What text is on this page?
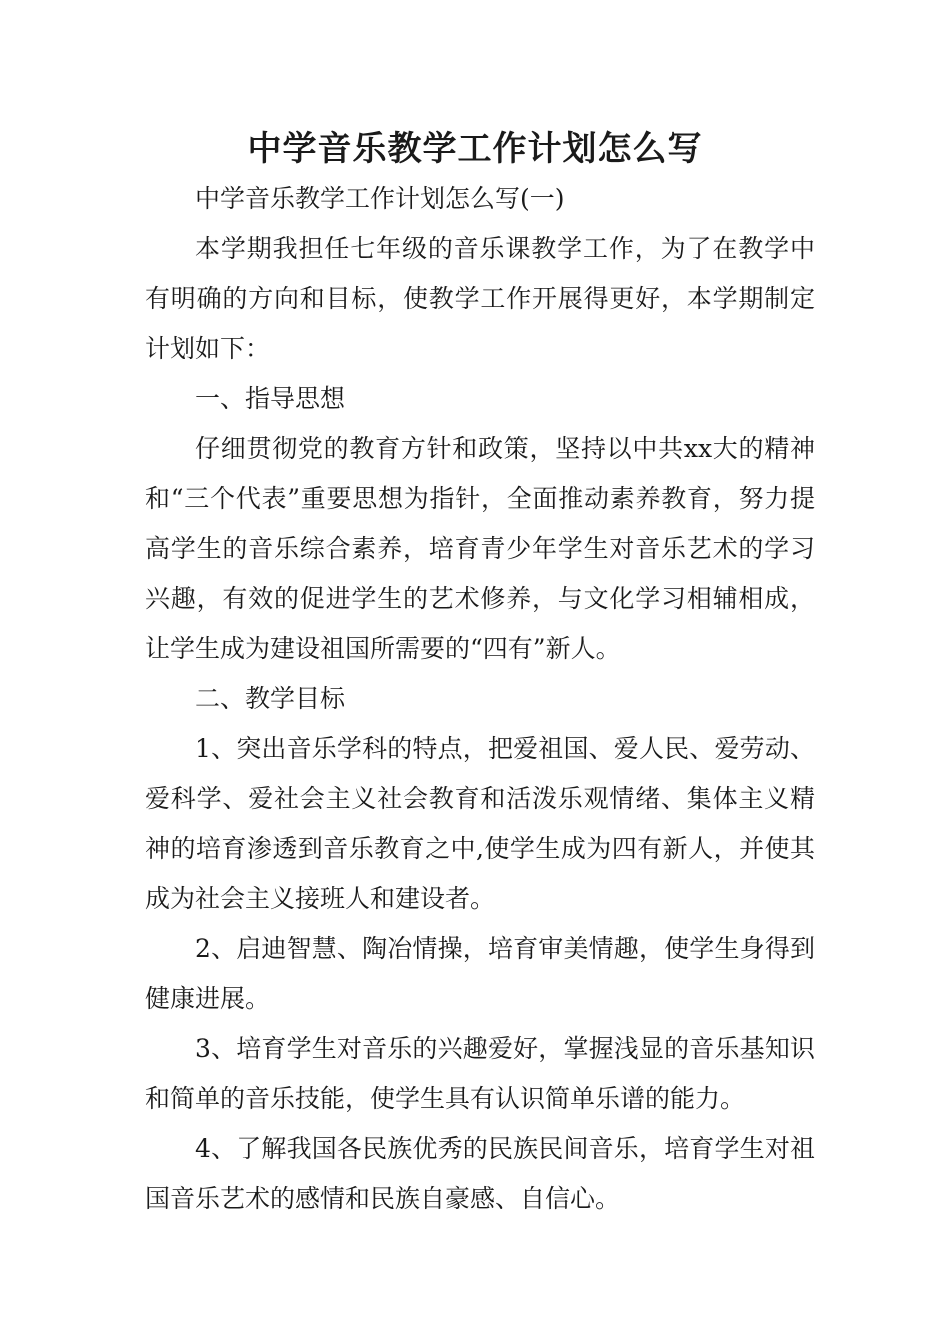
中学音乐教学工作计划怎么写

中学音乐教学工作计划怎么写(一)

本学期我担任七年级的音乐课教学工作，为了在教学中有明确的方向和目标，使教学工作开展得更好，本学期制定计划如下：

一、指导思想

仔细贯彻党的教育方针和政策，坚持以中共xx大的精神和“三个代表”重要思想为指针，全面推动素养教育，努力提高学生的音乐综合素养，培育青少年学生对音乐艺术的学习兴趣，有效的促进学生的艺术修养，与文化学习相辅相成，让学生成为建设祖国所需要的“四有”新人。

二、教学目标

1、突出音乐学科的特点，把爱祖国、爱人民、爱劳动、爱科学、爱社会主义社会教育和活泼乐观情绪、集体主义精神的培育渗透到音乐教育之中,使学生成为四有新人，并使其成为社会主义接班人和建设者。

2、启迪智慧、陶冶情操，培育审美情趣，使学生身得到健康进展。

3、培育学生对音乐的兴趣爱好，掌握浅显的音乐基知识和简单的音乐技能，使学生具有认识简单乐谱的能力。

4、了解我国各民族优秀的民族民间音乐，培育学生对祖国音乐艺术的感情和民族自豪感、自信心。
